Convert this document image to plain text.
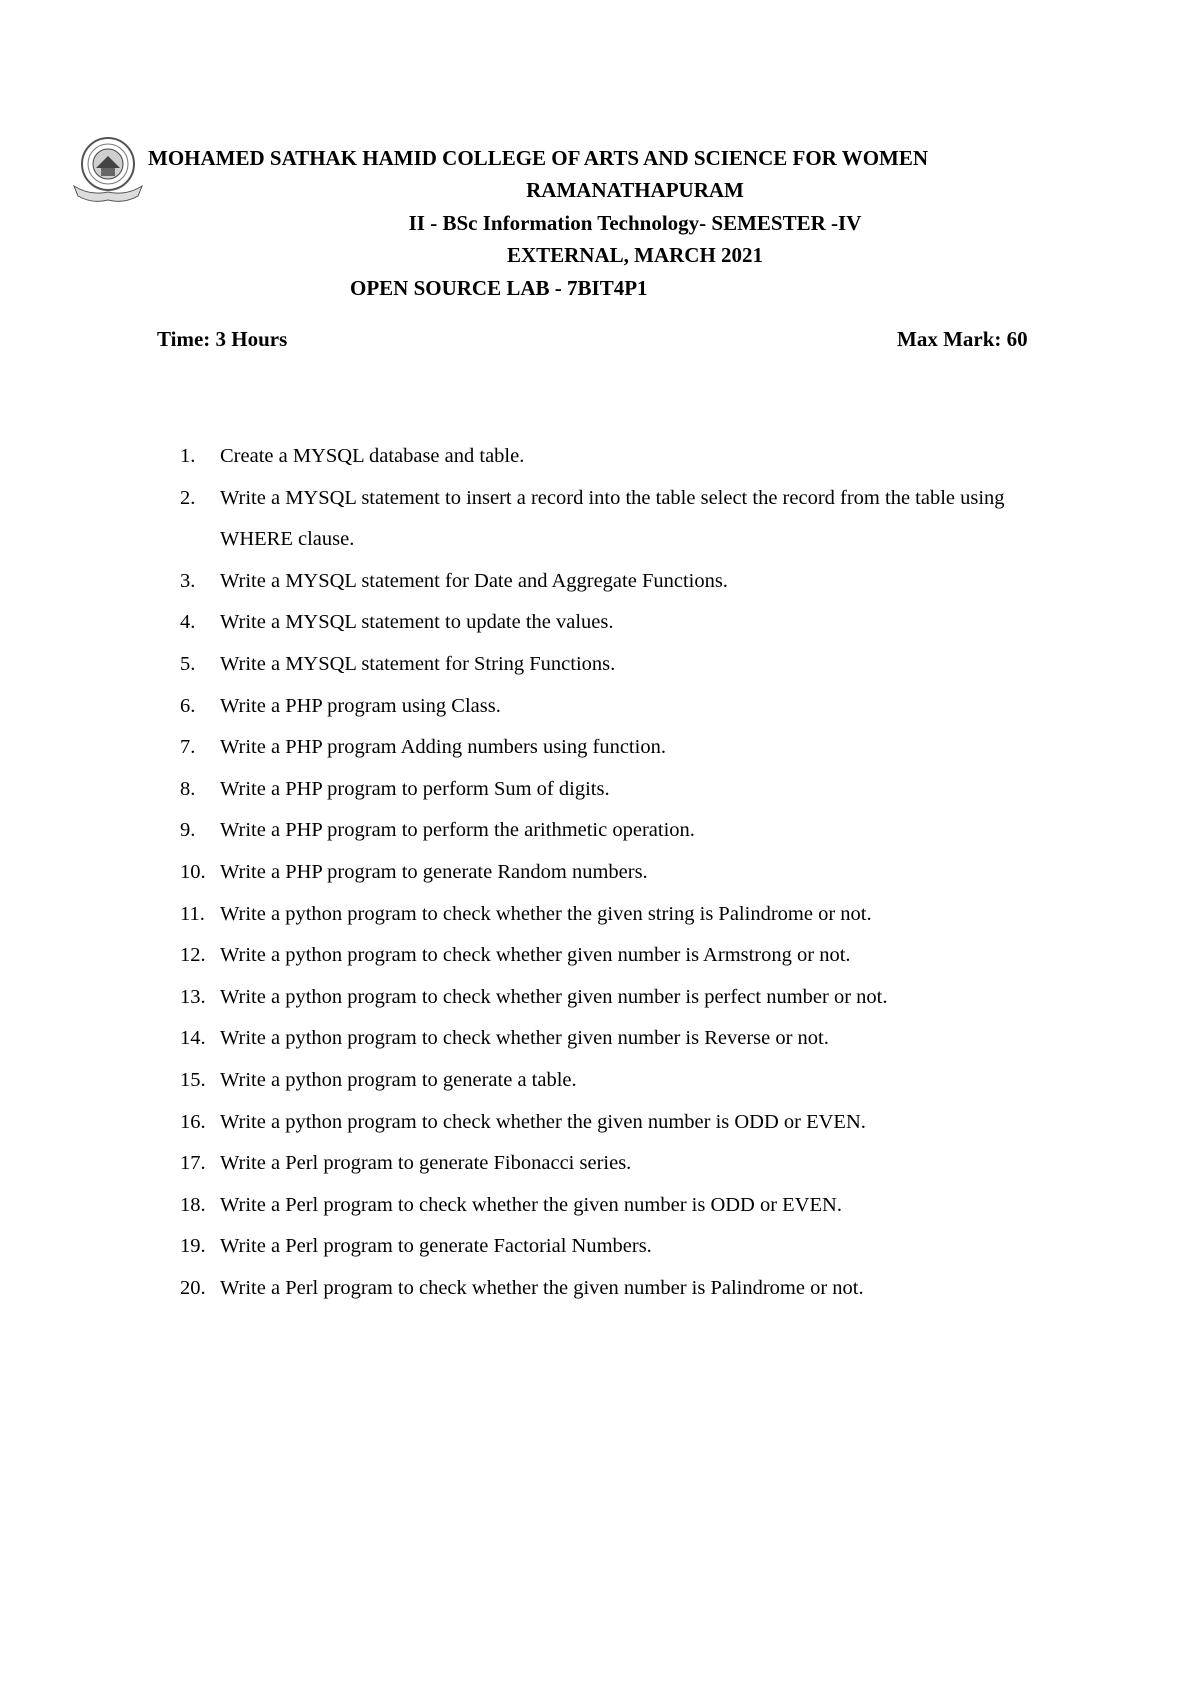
MOHAMED SATHAK HAMID COLLEGE OF ARTS AND SCIENCE FOR WOMEN
RAMANATHAPURAM
II - BSc Information Technology- SEMESTER -IV
EXTERNAL, MARCH 2021
OPEN SOURCE LAB - 7BIT4P1
Time: 3 Hours	Max Mark: 60
1.	Create a MYSQL database and table.
2.	Write a MYSQL statement to insert a record into the table select the record from the table using WHERE clause.
3.	Write a MYSQL statement for Date and Aggregate Functions.
4.	Write a MYSQL statement to update the values.
5.	Write a MYSQL statement for String Functions.
6.	Write a PHP program using Class.
7.	Write a PHP program Adding numbers using function.
8.	Write a PHP program to perform Sum of digits.
9.	Write a PHP program to perform the arithmetic operation.
10. Write a PHP program to generate Random numbers.
11. Write a python program to check whether the given string is Palindrome or not.
12. Write a python program to check whether given number is Armstrong or not.
13. Write a python program to check whether given number is perfect number or not.
14. Write a python program to check whether given number is Reverse or not.
15. Write a python program to generate a table.
16. Write a python program to check whether the given number is ODD or EVEN.
17. Write a Perl program to generate Fibonacci series.
18. Write a Perl program to check whether the given number is ODD or EVEN.
19. Write a Perl program to generate Factorial Numbers.
20. Write a Perl program to check whether the given number is Palindrome or not.
